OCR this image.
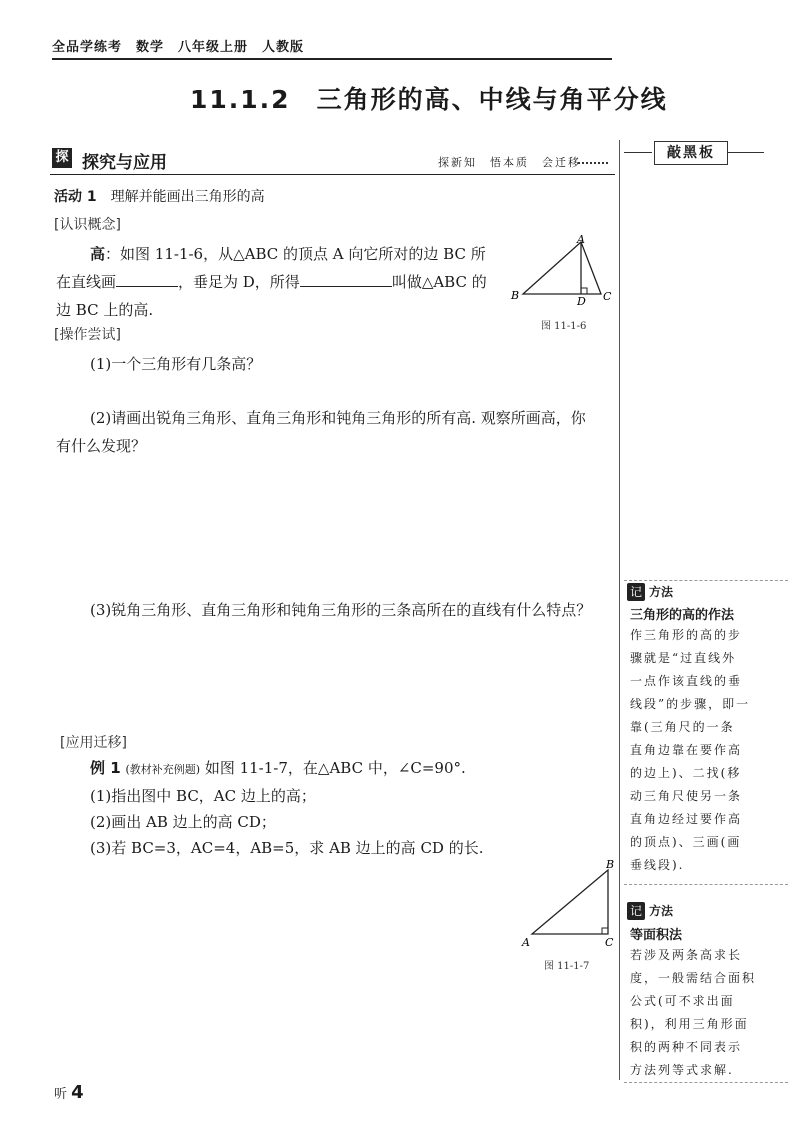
全品学练考　数学　八年级上册　人教版
11.1.2 三角形的高、中线与角平分线
探 探究与应用	探新知　悟本质　会迁移
敲黑板
活动 1 理解并能画出三角形的高
[认识概念]
高：如图 11-1-6，从△ABC 的顶点 A 向它所对的边 BC 所
在直线画	，垂足为 D，所得	叫做△ABC 的
边 BC 上的高.
A
B	C
D
图 11-1-6
[操作尝试]
(1)一个三角形有几条高？
(2)请画出锐角三角形、直角三角形和钝角三角形的所有高. 观察所画高，你
有什么发现？
(3)锐角三角形、直角三角形和钝角三角形的三条高所在的直线有什么特点？
[应用迁移]
例 1 (教材补充例题) 如图 11-1-7，在△ABC 中，∠C=90°.
(1)指出图中 BC，AC 边上的高；
(2)画出 AB 边上的高 CD；
(3)若 BC=3，AC=4，AB=5，求 AB 边上的高 CD 的长.
B
A	C
图 11-1-7
记 方法
三角形的高的作法
作三角形的高的步
骤就是“过直线外
一点作该直线的垂
线段”的步骤，即一
靠(三角尺的一条
直角边靠在要作高
的边上)、二找(移
动三角尺使另一条
直角边经过要作高
的顶点)、三画(画
垂线段).
记 方法
等面积法
若涉及两条高求长
度，一般需结合面积
公式(可不求出面
积)，利用三角形面
积的两种不同表示
方法列等式求解.
听 4
